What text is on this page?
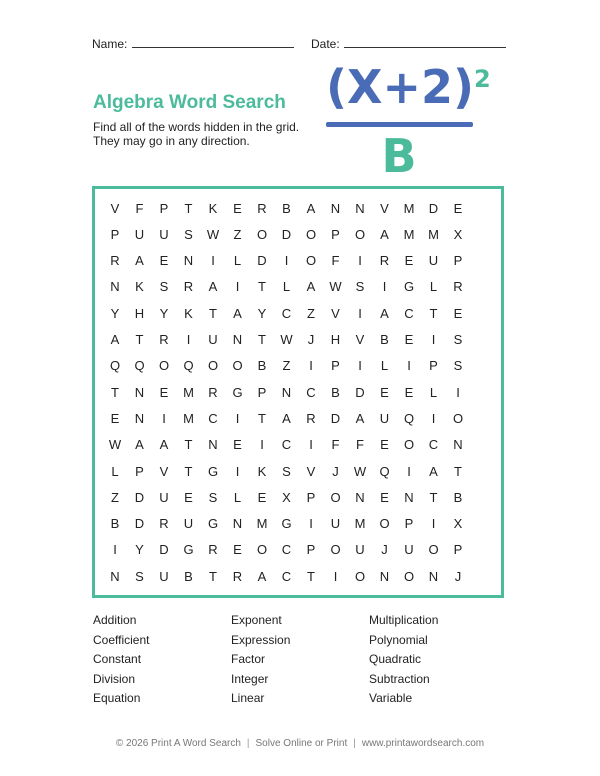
Name:	Date:
Algebra Word Search
Find all of the words hidden in the grid.
They may go in any direction.
(X+2) 2
B
V	F	P	T	K	E	R	B	A	N	N	V	M	D	E
P	U	U	S	W	Z	O	D	O	P	O	A	M	M	X
R	A	E	N	I	L	D	I	O	F	I	R	E	U	P
N	K	S	R	A	I	T	L	A	W	S	I	G	L	R
Y	H	Y	K	T	A	Y	C	Z	V	I	A	C	T	E
A	T	R	I	U	N	T	W	J	H	V	B	E	I	S
Q	Q	O	Q	O	O	B	Z	I	P	I	L	I	P	S
T	N	E	M	R	G	P	N	C	B	D	E	E	L	I
E	N	I	M	C	I	T	A	R	D	A	U	Q	I	O
W	A	A	T	N	E	I	C	I	F	F	E	O	C	N
L	P	V	T	G	I	K	S	V	J	W	Q	I	A	T
Z	D	U	E	S	L	E	X	P	O	N	E	N	T	B
B	D	R	U	G	N	M	G	I	U	M	O	P	I	X
I	Y	D	G	R	E	O	C	P	O	U	J	U	O	P
N	S	U	B	T	R	A	C	T	I	O	N	O	N	J
Addition
Coefficient
Constant
Division
Equation
Exponent
Expression
Factor
Integer
Linear
Multiplication
Polynomial
Quadratic
Subtraction
Variable
© 2026 Print A Word Search | Solve Online or Print | www.printawordsearch.com
